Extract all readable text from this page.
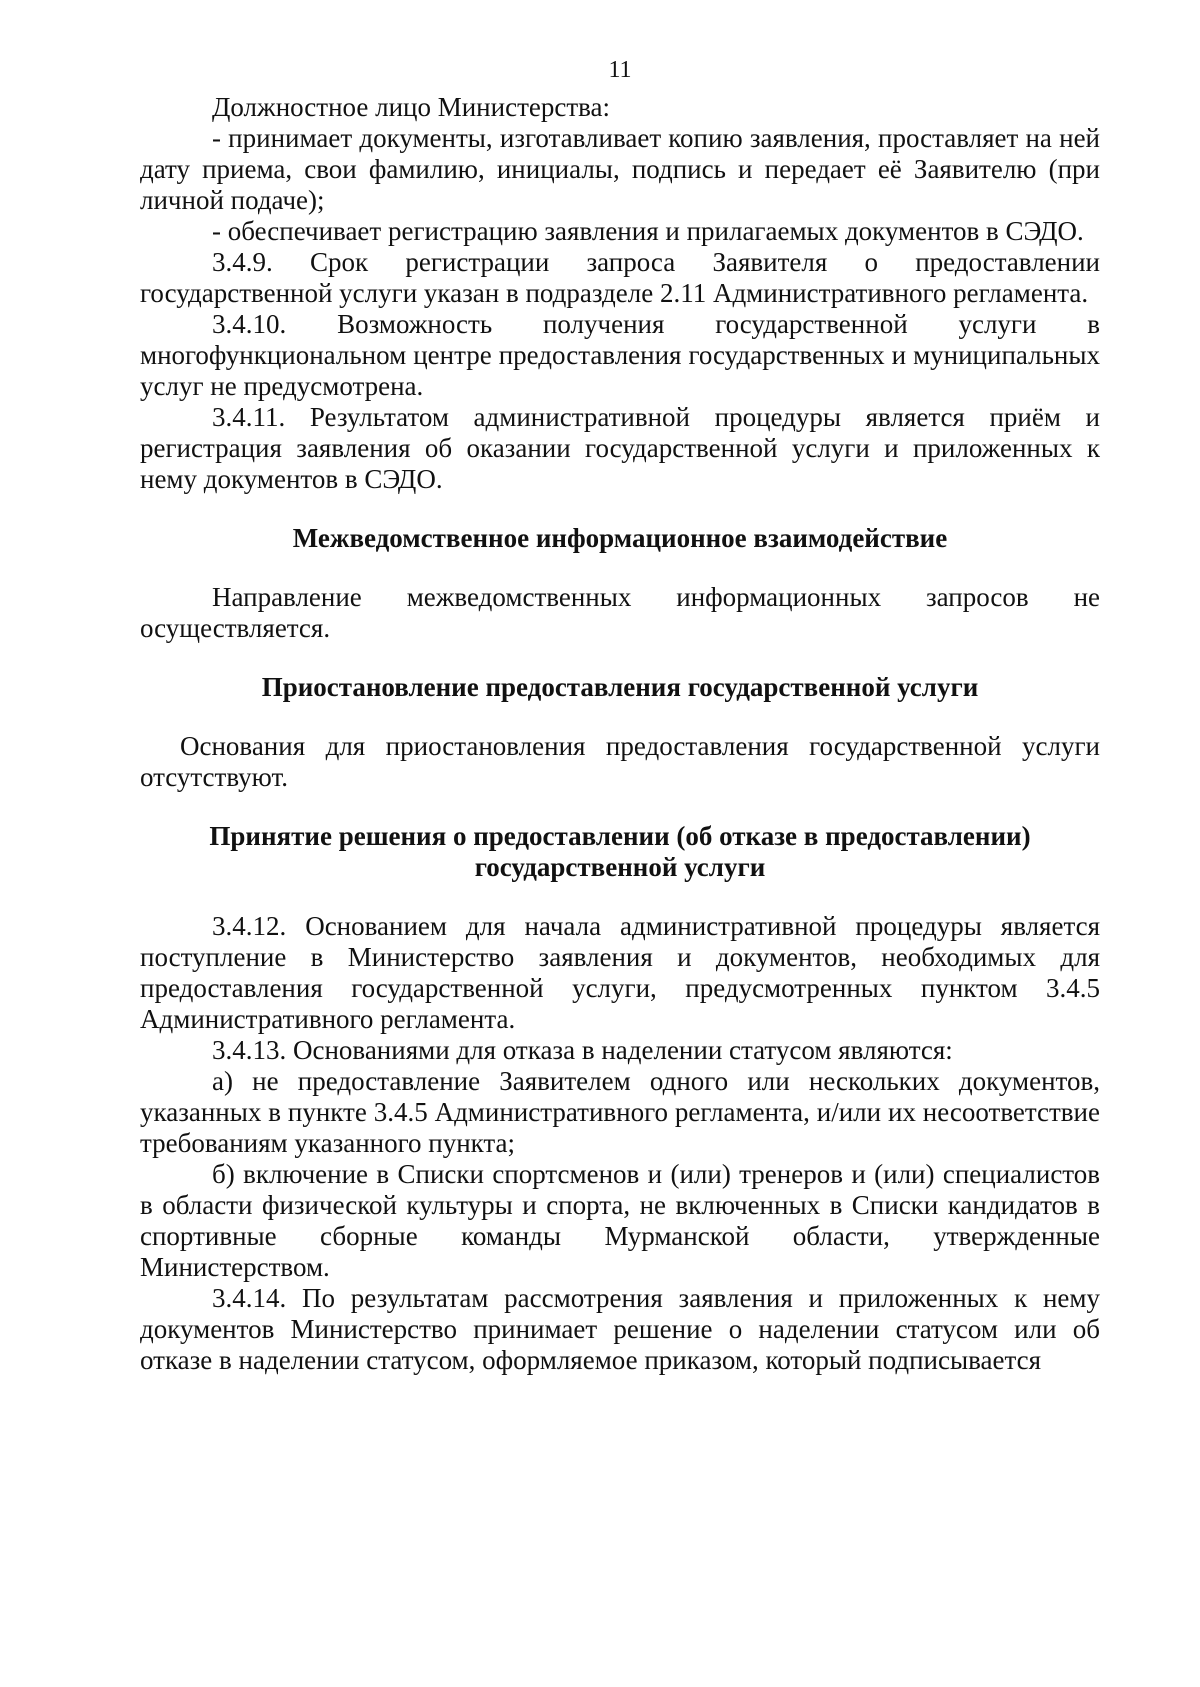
11

Должностное лицо Министерства:

- принимает документы, изготавливает копию заявления, проставляет на ней дату приема, свои фамилию, инициалы, подпись и передает её Заявителю (при личной подаче);

- обеспечивает регистрацию заявления и прилагаемых документов в СЭДО.

3.4.9. Срок регистрации запроса Заявителя о предоставлении государственной услуги указан в подразделе 2.11 Административного регламента.

3.4.10. Возможность получения государственной услуги в многофункциональном центре предоставления государственных и муниципальных услуг не предусмотрена.

3.4.11. Результатом административной процедуры является приём и регистрация заявления об оказании государственной услуги и приложенных к нему документов в СЭДО.

Межведомственное информационное взаимодействие

Направление межведомственных информационных запросов не осуществляется.

Приостановление предоставления государственной услуги

Основания для приостановления предоставления государственной услуги отсутствуют.

Принятие решения о предоставлении (об отказе в предоставлении)

государственной услуги

3.4.12. Основанием для начала административной процедуры является поступление в Министерство заявления и документов, необходимых для предоставления государственной услуги, предусмотренных пунктом 3.4.5 Административного регламента.

3.4.13. Основаниями для отказа в наделении статусом являются:

а) не предоставление Заявителем одного или нескольких документов, указанных в пункте 3.4.5 Административного регламента, и/или их несоответствие требованиям указанного пункта;

б) включение в Списки спортсменов и (или) тренеров и (или) специалистов в области физической культуры и спорта, не включенных в Списки кандидатов в спортивные сборные команды Мурманской области, утвержденные Министерством.

3.4.14. По результатам рассмотрения заявления и приложенных к нему документов Министерство принимает решение о наделении статусом или об отказе в наделении статусом, оформляемое приказом, который подписывается
